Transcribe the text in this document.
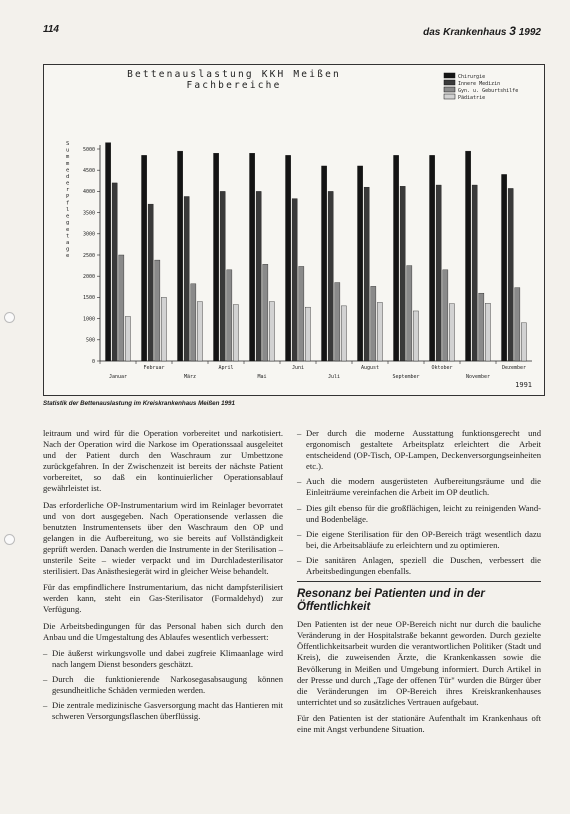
114	das Krankenhaus 3 1992
Bettenauslastung KKH Meißen
Fachbereiche
Chirurgie
Innere Medizin
Gyn. u. Geburtshilfe
Pädiatrie
S u m m e d e r P f l e g e t a g e
0
500
1000
1500
2000
2500
3000
3500
4000
4500
5000
Januar
Februar
März
April
Mai
Juni
Juli
August
September
Oktober
November
Dezember
1991
Statistik der Bettenauslastung im Kreiskrankenhaus Meißen 1991

leitraum und wird für die Operation vorbereitet und narkotisiert. Nach der Operation wird die Narkose im Operationssaal ausgeleitet und der Patient durch den Waschraum zur Umbettzone zurückgefahren. In der Zwischenzeit ist bereits der nächste Patient vorbereitet, so daß ein kontinuierlicher Operationsablauf gewährleistet ist.

Das erforderliche OP-Instrumentarium wird im Reinlager bevorratet und von dort ausgegeben. Nach Operationsende verlassen die benutzten Instrumentensets über den Waschraum den OP und gelangen in die Aufbereitung, wo sie bereits auf Vollständigkeit geprüft werden. Danach werden die Instrumente in der Sterilisation – unsterile Seite – wieder verpackt und im Durchladesterilisator sterilisiert. Das Anästhesiegerät wird in gleicher Weise behandelt.

Für das empfindlichere Instrumentarium, das nicht dampfsterilisiert werden kann, steht ein Gas-Sterilisator (Formaldehyd) zur Verfügung.

Die Arbeitsbedingungen für das Personal haben sich durch den Anbau und die Umgestaltung des Ablaufes wesentlich verbessert:

– Die äußerst wirkungsvolle und dabei zugfreie Klimaanlage wird nach langem Dienst besonders geschätzt.
– Durch die funktionierende Narkosegasabsaugung können gesundheitliche Schäden vermieden werden.
– Die zentrale medizinische Gasversorgung macht das Hantieren mit schweren Versorgungsflaschen überflüssig.
– Der durch die moderne Ausstattung funktionsgerecht und ergonomisch gestaltete Arbeitsplatz erleichtert die Arbeit entscheidend (OP-Tisch, OP-Lampen, Deckenversorgungseinheiten etc.).
– Auch die modern ausgerüsteten Aufbereitungsräume und die Einleiträume vereinfachen die Arbeit im OP deutlich.
– Dies gilt ebenso für die großflächigen, leicht zu reinigenden Wand- und Bodenbeläge.
– Die eigene Sterilisation für den OP-Bereich trägt wesentlich dazu bei, die Arbeitsabläufe zu erleichtern und zu optimieren.
– Die sanitären Anlagen, speziell die Duschen, verbessert die Arbeitsbedingungen ebenfalls.
Resonanz bei Patienten und in der Öffentlichkeit

Den Patienten ist der neue OP-Bereich nicht nur durch die bauliche Veränderung in der Hospitalstraße bekannt geworden. Durch gezielte Öffentlichkeitsarbeit wurden die verantwortlichen Politiker (Stadt und Kreis), die zuweisenden Ärzte, die Krankenkassen sowie die Bevölkerung in Meißen und Umgebung informiert. Durch Artikel in der Presse und durch „Tage der offenen Tür" wurden die Bürger über die Veränderungen im OP-Bereich ihres Kreiskrankenhauses unterrichtet und so zusätzliches Vertrauen aufgebaut.

Für den Patienten ist der stationäre Aufenthalt im Krankenhaus oft eine mit Angst verbundene Situation.
